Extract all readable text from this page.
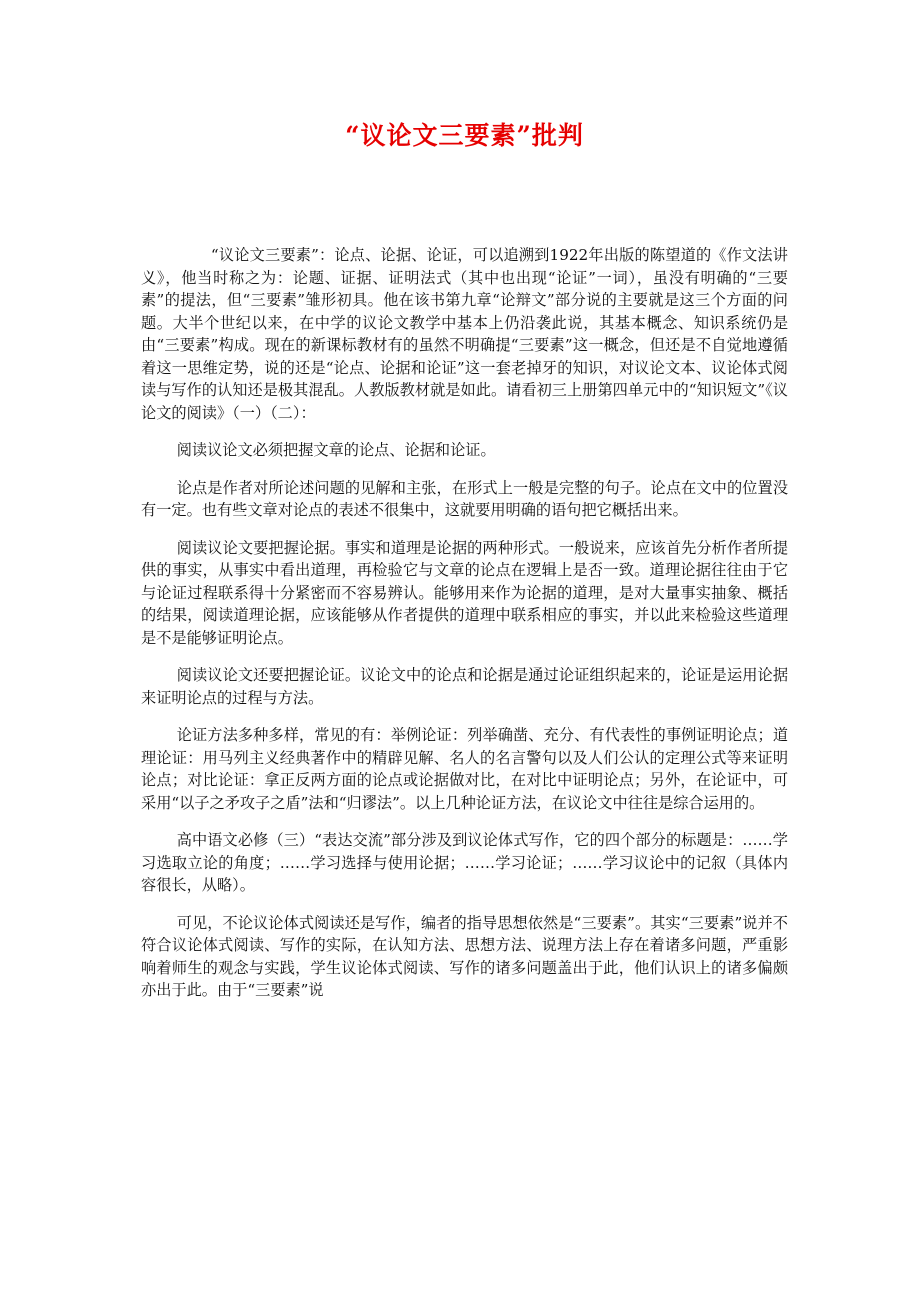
“议论文三要素”批判

“议论文三要素”：论点、论据、论证，可以追溯到1922年出版的陈望道的《作文法讲义》，他当时称之为：论题、证据、证明法式（其中也出现“论证”一词），虽没有明确的“三要素”的提法，但“三要素”雏形初具。他在该书第九章“论辩文”部分说的主要就是这三个方面的问题。大半个世纪以来，在中学的议论文教学中基本上仍沿袭此说，其基本概念、知识系统仍是由“三要素”构成。现在的新课标教材有的虽然不明确提“三要素”这一概念，但还是不自觉地遵循着这一思维定势，说的还是“论点、论据和论证”这一套老掉牙的知识，对议论文本、议论体式阅读与写作的认知还是极其混乱。人教版教材就是如此。请看初三上册第四单元中的“知识短文”《议论文的阅读》（一）（二）：

阅读议论文必须把握文章的论点、论据和论证。

论点是作者对所论述问题的见解和主张，在形式上一般是完整的句子。论点在文中的位置没有一定。也有些文章对论点的表述不很集中，这就要用明确的语句把它概括出来。

阅读议论文要把握论据。事实和道理是论据的两种形式。一般说来，应该首先分析作者所提供的事实，从事实中看出道理，再检验它与文章的论点在逻辑上是否一致。道理论据往往由于它与论证过程联系得十分紧密而不容易辨认。能够用来作为论据的道理，是对大量事实抽象、概括的结果，阅读道理论据，应该能够从作者提供的道理中联系相应的事实，并以此来检验这些道理是不是能够证明论点。

阅读议论文还要把握论证。议论文中的论点和论据是通过论证组织起来的，论证是运用论据来证明论点的过程与方法。

论证方法多种多样，常见的有：举例论证：列举确凿、充分、有代表性的事例证明论点；道理论证：用马列主义经典著作中的精辟见解、名人的名言警句以及人们公认的定理公式等来证明论点；对比论证：拿正反两方面的论点或论据做对比，在对比中证明论点；另外，在论证中，可采用“以子之矛攻子之盾”法和“归谬法”。以上几种论证方法，在议论文中往往是综合运用的。

高中语文必修（三）“表达交流”部分涉及到议论体式写作，它的四个部分的标题是：……学习选取立论的角度；……学习选择与使用论据；……学习论证；……学习议论中的记叙（具体内容很长，从略）。

可见，不论议论体式阅读还是写作，编者的指导思想依然是“三要素”。其实“三要素”说并不符合议论体式阅读、写作的实际，在认知方法、思想方法、说理方法上存在着诸多问题，严重影响着师生的观念与实践，学生议论体式阅读、写作的诸多问题盖出于此，他们认识上的诸多偏颇亦出于此。由于“三要素”说
